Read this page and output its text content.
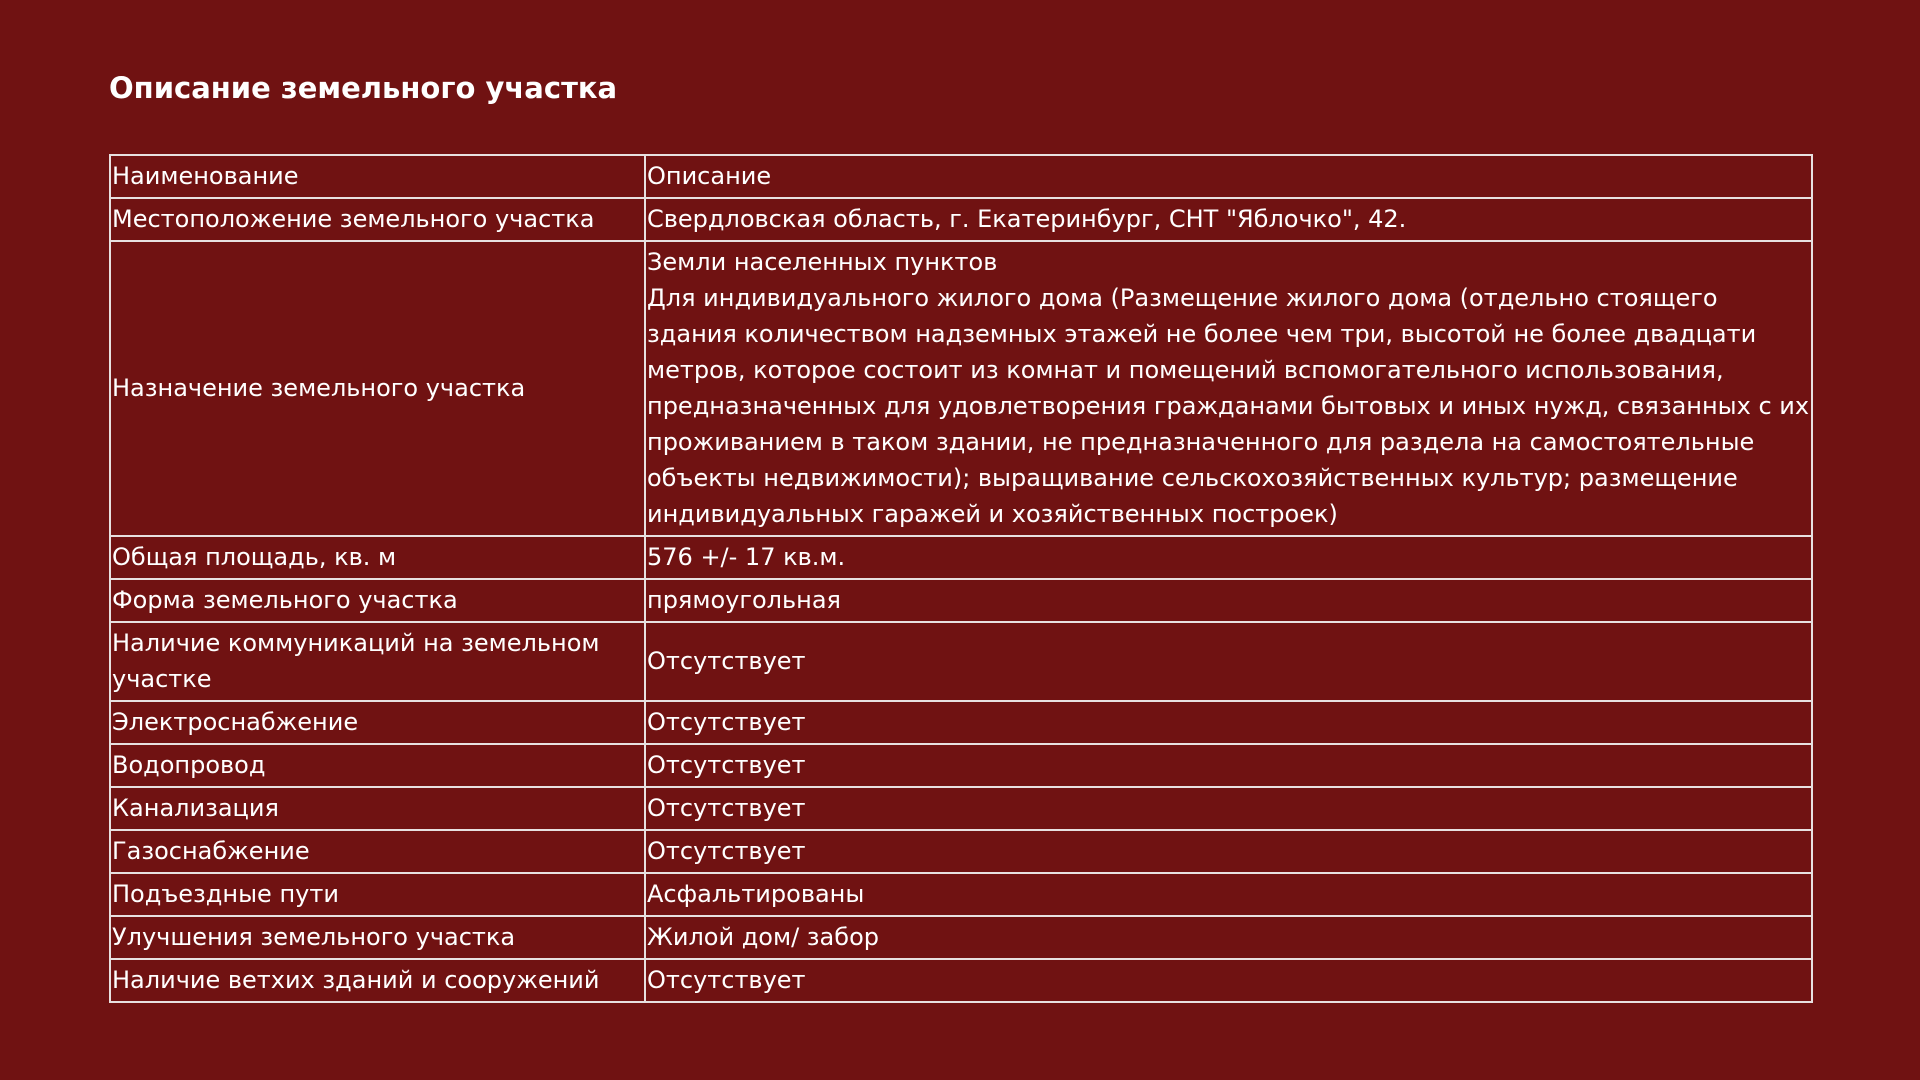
Описание земельного участка
Наименование	Описание
Местоположение земельного участка	Свердловская область, г. Екатеринбург, СНТ "Яблочко", 42.
Назначение земельного участка	Земли населенных пунктов
Для индивидуального жилого дома (Размещение жилого дома (отдельно стоящего здания количеством надземных этажей не более чем три, высотой не более двадцати метров, которое состоит из комнат и помещений вспомогательного использования, предназначенных для удовлетворения гражданами бытовых и иных нужд, связанных с их проживанием в таком здании, не предназначенного для раздела на самостоятельные объекты недвижимости); выращивание сельскохозяйственных культур; размещение индивидуальных гаражей и хозяйственных построек)

Общая площадь, кв. м	576 +/- 17 кв.м.
Форма земельного участка	прямоугольная
Наличие коммуникаций на земельном участке	Отсутствует
Электроснабжение	Отсутствует
Водопровод	Отсутствует
Канализация	Отсутствует
Газоснабжение	Отсутствует
Подъездные пути	Асфальтированы
Улучшения земельного участка	Жилой дом/ забор
Наличие ветхих зданий и сооружений	Отсутствует
